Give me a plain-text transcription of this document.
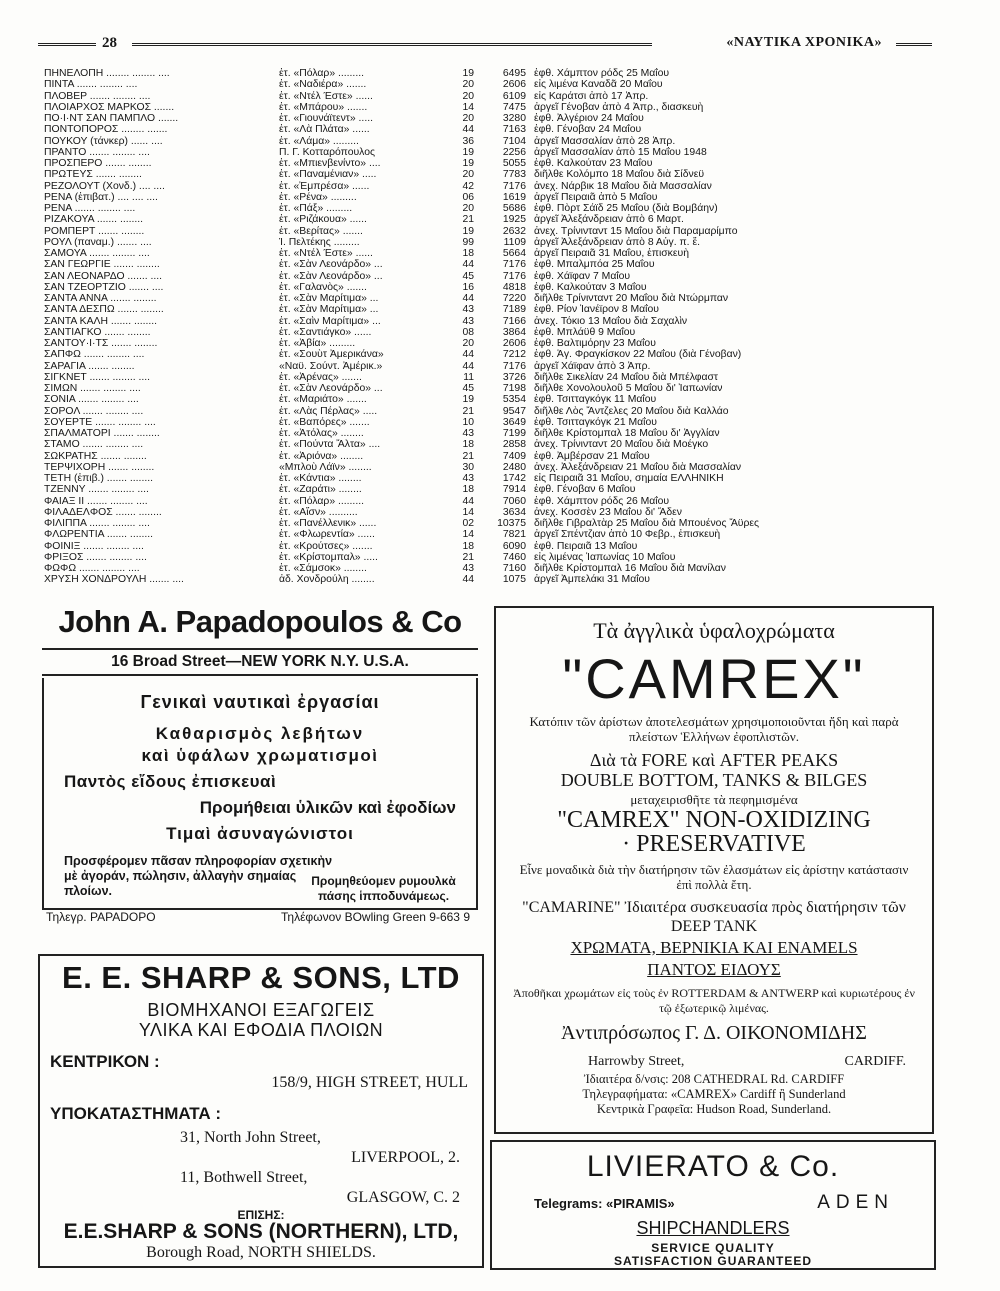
28	«ΝΑΥΤΙΚΑ ΧΡΟΝΙΚΑ»
ΠΗΝΕΛΟΠΗ ........ ........ ....	ἑτ. «Πόλαρ» .........	19	6495 ἐφθ. Χάμπτον ρόδς 25 Μαΐου
ΠΙΝΤΑ ....... ........ ....	ἑτ. «Ναδιέρα» .......	20	2606 εἰς λιμένα Καναδᾶ 20 Μαΐου
ΠΛΟΒΕΡ ....... ........ ....	ἑτ. «Ντέλ Έστε» ......	20	6109 εἰς Καράτσι ἀπὸ 17 Ἀπρ.
ΠΛΟΙΑΡΧΟΣ ΜΑΡΚΟΣ .......	ἑτ. «Μπάρου» .......	14	7475 ἀργεῖ Γένοβαν ἀπὸ 4 Ἀπρ., διασκευὴ
ΠΟ·Ι·ΝΤ ΣΑΝ ΠΑΜΠΛΟ .......	ἑτ. «Γιουνάϊτεντ» .....	20	3280 ἐφθ. Ἀλγέριον 24 Μαΐου
ΠΟΝΤΟΠΟΡΟΣ ........ .......	ἑτ. «Λὰ Πλάτα» ......	44	7163 ἐφθ. Γένοβαν 24 Μαΐου
ΠΟΥΚΟΥ (τάνκερ) ...... ....	ἑτ. «Λάμα» .........	36	7104 ἀργεῖ Μασσαλίαν ἀπὸ 28 Ἀπρ.
ΠΡΑΝΤΟ ....... ........ ....	Π. Γ. Κοτταρόπουλος	19	2256 ἀργεῖ Μασσαλίαν ἀπὸ 15 Μαΐου 1948
ΠΡΟΣΠΕΡΟ ....... ........	ἑτ. «Μπιενβενίντο» ....	19	5055 ἐφθ. Καλκούταν 23 Μαΐου
ΠΡΩΤΕΥΣ ....... ........	ἑτ. «Παναμένιαν» .....	20	7783 διῆλθε Κολόμπο 18 Μαΐου διὰ Σίδνεϋ
ΡΕΖΟΛΟΥΤ (Χονδ.) .... ....	ἑτ. «Ἐμπρέσα» ......	42	7176 ἀνεχ. Νάρβικ 18 Μαΐου διὰ Μασσαλίαν
ΡΕΝΑ (ἐπιβατ.) .... .... ....	ἑτ. «Ρένα» .........	06	1619 ἀργεῖ Πειραιᾶ ἀπὸ 5 Μαΐου
ΡΕΝΑ ....... ........ ....	ἑτ. «Πάξ» .........	20	5686 ἐφθ. Πὸρτ Σάϊδ 25 Μαΐου (διὰ Βομβάην)
ΡΙΖΑΚΟΥΑ ....... ........	ἑτ. «Ριζάκουα» ......	21	1925 ἀργεῖ Ἀλεξάνδρειαν ἀπὸ 6 Μαρτ.
ΡΟΜΠΕΡΤ ....... ........	ἑτ. «Βερίτας» .......	19	2632 ἀνεχ. Τρίνινταντ 15 Μαΐου διὰ Παραμαρίμπο
ΡΟΥΛ (παναμ.) ....... ....	Ί. Πελτέκης .........	99	1109 ἀργεῖ Ἀλεξάνδρειαν ἀπὸ 8 Αὐγ. π. ἔ.
ΣΑΜΟΥΑ ....... ........ ....	ἑτ. «Ντέλ Έστε» ......	18	5664 ἀργεῖ Πειραιᾶ 31 Μαΐου, ἐπισκευὴ
ΣΑΝ ΓΕΩΡΓΙΕ ....... ........	ἑτ. «Σὰν Λεονάρδο» ...	44	7176 ἐφθ. Μπαλμπόα 25 Μαΐου
ΣΑΝ ΛΕΟΝΑΡΔΟ ....... ....	ἑτ. «Σὰν Λεονάρδο» ...	45	7176 ἐφθ. Χάϊφαν 7 Μαΐου
ΣΑΝ ΤΖΕΟΡΤΖΙΟ ....... ....	ἑτ. «Γαλανὸς» .......	16	4818 ἐφθ. Καλκούταν 3 Μαΐου
ΣΑΝΤΑ ΑΝΝΑ ....... ........	ἑτ. «Σὰν Μαρίτιμα» ...	44	7220 διῆλθε Τρίνινταντ 20 Μαΐου διὰ Ντώρμπαν
ΣΑΝΤΑ ΔΕΣΠΩ ....... ........	ἑτ. «Σὰν Μαρίτιμα» ...	43	7189 ἐφθ. Ρίον Ἰανέϊρον 8 Μαΐου
ΣΑΝΤΑ ΚΑΛΗ ....... ........	ἑτ. «Σαὶν Μαρίτιμα» ...	43	7166 ἀνεχ. Τόκιο 13 Μαΐου διὰ Σαχαλὶν
ΣΑΝΤΙΑΓΚΟ ....... ........	ἑτ. «Σαντιάγκο» ......	08	3864 ἐφθ. Μπλάϋθ 9 Μαΐου
ΣΑΝΤΟΥ·Ι·ΤΣ ....... ........	ἑτ. «Ἀβία» .........	20	2606 ἐφθ. Βαλτιμόρην 23 Μαΐου
ΣΑΠΦΩ ....... ........ ....	ἑτ. «Σουὺτ Ἀμερικάνα»	44	7212 ἐφθ. Ἁγ. Φραγκίσκον 22 Μαΐου (διὰ Γένοβαν)
ΣΑΡΑΓΙΑ ....... ........	«Ναϋ. Σούντ. Ἀμέρικ.»	44	7176 ἀργεῖ Χάϊφαν ἀπὸ 3 Ἀπρ.
ΣΙΓΚΝΕΤ ....... ........ ....	ἑτ. «Ἀρένας» .......	11	3726 διῆλθε Σικελίαν 24 Μαΐου διὰ Μπέλφαστ
ΣΙΜΩΝ ....... ........ ....	ἑτ. «Σὰν Λεονάρδο» ...	45	7198 διῆλθε Χονολουλοῦ 5 Μαΐου δι' Ἰαπωνίαν
ΣΟΝΙΑ ....... ........ ....	ἑτ. «Μαριάτο» .......	19	5354 ἐφθ. Τσιτταγκόγκ 11 Μαΐου
ΣΟΡΟΛ ....... ........ ....	ἑτ. «Λὰς Πέρλας» .....	21	9547 διῆλθε Λὸς Ἄντζελες 20 Μαΐου διὰ Καλλάο
ΣΟΥΕΡΤΕ ....... ........ ....	ἑτ. «Βαπόρες» .......	10	3649 ἐφθ. Τσιτταγκόγκ 21 Μαΐου
ΣΠΑΛΜΑΤΟΡΙ ....... ........	ἑτ. «Ἀτόλας» ........	43	7199 διῆλθε Κρίστομπαλ 18 Μαΐου δι' Ἀγγλίαν
ΣΤΑΜΟ ....... ........ ....	ἑτ. «Πούντα Ἄλτα» ....	18	2858 ἀνεχ. Τρίνινταντ 20 Μαΐου διὰ Μοέγκο
ΣΩΚΡΑΤΗΣ ....... ........	ἑτ. «Ἀριόνα» ........	21	7409 ἐφθ. Ἀμβέρσαν 21 Μαΐου
ΤΕΡΨΙΧΟΡΗ ....... ........	«Μπλοὺ Λάϊν» ........	30	2480 ἀνεχ. Ἀλεξάνδρειαν 21 Μαΐου διὰ Μασσαλίαν
ΤΕΤΗ (ἐπιβ.) ....... ........	ἑτ. «Κάντια» ........	43	1742 εἰς Πειραιᾶ 31 Μαΐου, σημαία ΕΛΛΗΝΙΚΗ
ΤΖΕΝΝΥ ....... ........ ....	ἑτ. «Ζαράτι» ........	18	7914 ἐφθ. Γένοβαν 6 Μαΐου
ΦΑΙΑΞ ΙΙ ....... ........ ....	ἑτ. «Πόλαρ» .........	44	7060 ἐφθ. Χάμπτον ρόδς 26 Μαΐου
ΦΙΛΑΔΕΛΦΟΣ ....... ........	ἑτ. «Αἴσν» ..........	14	3634 ἀνεχ. Κοσσὲν 23 Μαΐου δι' Ἄδεν
ΦΙΛΙΠΠΑ ....... ........ ....	ἑτ. «Πανέλλενικ» ......	02	10375 διῆλθε Γιβραλτὰρ 25 Μαΐου διὰ Μπουένος Ἄϋρες
ΦΛΩΡΕΝΤΙΑ ....... ........	ἑτ. «Φλωρεντία» ......	14	7821 ἀργεῖ Σπέντζιαν ἀπὸ 10 Φεβρ., ἐπισκευὴ
ΦΟΙΝΙΞ ....... ........ ....	ἑτ. «Κρούτσες» .......	18	6090 ἐφθ. Πειραιᾶ 13 Μαΐου
ΦΡΙΞΟΣ ....... ........ ....	ἑτ. «Κρίστομπαλ» .....	21	7460 εἰς λιμένας Ἰαπωνίας 10 Μαΐου
ΦΩΦΩ ....... ........ ....	ἑτ. «Σάμσοκ» ........	43	7160 διῆλθε Κρίστομπαλ 16 Μαΐου διὰ Μανίλαν
ΧΡΥΣΗ ΧΟΝΔΡΟΥΛΗ ....... ....	ἀδ. Χονδρούλη ........	44	1075 ἀργεῖ Ἀμπελάκι 31 Μαΐου
John A. Papadopoulos & Co
16 Broad Street—NEW YORK N.Y. U.S.A.
Γενικαὶ ναυτικαὶ ἐργασίαι
Καθαρισμὸς λεβήτων
καὶ ὑφάλων χρωματισμοὶ
Παντὸς εἴδους ἐπισκευαὶ
Προμήθειαι ὑλικῶν καὶ ἐφοδίων
Τιμαὶ ἀσυναγώνιστοι
Προσφέρομεν πᾶσαν πληροφορίαν σχετικὴν μὲ ἀγοράν, πώλησιν, ἀλλαγὴν σημαίας πλοίων.
Προμηθεύομεν ρυμουλκὰ πάσης ἱπποδυνάμεως.
Τηλεγρ. PAPADOPO	Τηλέφωνον BOwling Green 9-663 9
E. E. SHARP & SONS, LTD
ΒΙΟΜΗΧΑΝΟΙ ΕΞΑΓΩΓΕΙΣ
ΥΛΙΚΑ ΚΑΙ ΕΦΟΔΙΑ ΠΛΟΙΩΝ
ΚΕΝΤΡΙΚΟΝ :
158/9, HIGH STREET, HULL
ΥΠΟΚΑΤΑΣΤΗΜΑΤΑ :
31, North John Street,
LIVERPOOL, 2.
11, Bothwell Street,
GLASGOW, C. 2
ΕΠΙΣΗΣ:
E.E.SHARP & SONS (NORTHERN), LTD,
Borough Road, NORTH SHIELDS.
Τὰ ἀγγλικὰ ὑφαλοχρώματα
"CAMREX"
Κατόπιν τῶν ἀρίστων ἀποτελεσμάτων χρησιμοποιοῦνται ἤδη καὶ παρὰ πλείστων Ἑλλήνων ἐφοπλιστῶν.
Διὰ τὰ FORE καὶ AFTER PEAKS
DOUBLE BOTTOM, TANKS & BILGES
μεταχειρισθῆτε τὰ πεφημισμένα
"CAMREX" NON-OXIDIZING
· PRESERVATIVE
Εἶνε μοναδικὰ διὰ τὴν διατήρησιν τῶν ἐλασμάτων εἰς ἀρίστην κατάστασιν ἐπὶ πολλὰ ἔτη.
"CAMARINE" Ἰδιαιτέρα συσκευασία πρὸς διατήρησιν τῶν DEEP TANK
ΧΡΩΜΑΤΑ, ΒΕΡΝΙΚΙΑ ΚΑΙ ENAMELS
ΠΑΝΤΟΣ ΕΙΔΟΥΣ
Ἀποθῆκαι χρωμάτων εἰς τοὺς ἐν ROTTERDAM & ANTWERP καὶ κυριωτέρους ἐν τῷ ἐξωτερικῷ λιμένας.
Ἀντιπρόσωπος Γ. Δ. ΟΙΚΟΝΟΜΙΔΗΣ
Harrowby Street,	CARDIFF.
Ἰδιαιτέρα δ/νσις: 208 CATHEDRAL Rd. CARDIFF
Τηλεγραφήματα: «CAMREX» Cardiff ἢ Sunderland
Κεντρικὰ Γραφεῖα: Hudson Road, Sunderland.
LIVIERATO & Co.
Telegrams: «PIRAMIS»	ADEN
SHIPCHANDLERS
SERVICE QUALITY
SATISFACTION GUARANTEED
